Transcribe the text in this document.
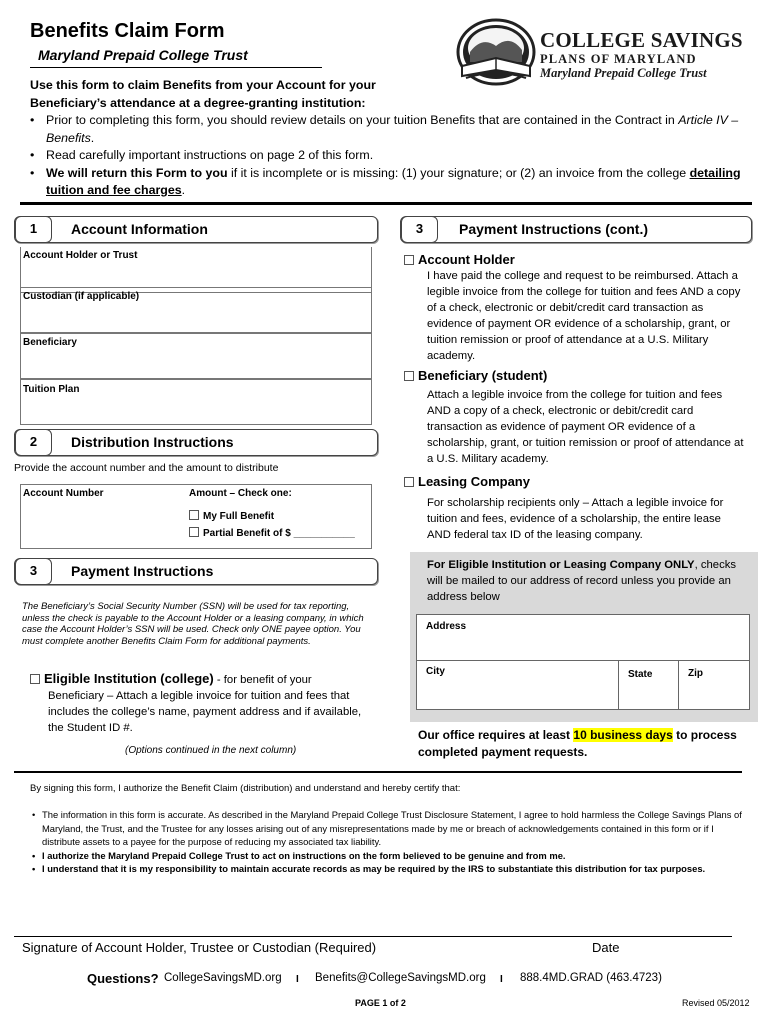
Benefits Claim Form
Maryland Prepaid College Trust
COLLEGE SAVINGS
PLANS OF MARYLAND
Maryland Prepaid College Trust
Use this form to claim Benefits from your Account for your Beneficiary’s attendance at a degree-granting institution:
• Prior to completing this form, you should review details on your tuition Benefits that are contained in the Contract in Article IV – Benefits.
• Read carefully important instructions on page 2 of this form.
• We will return this Form to you if it is incomplete or is missing: (1) your signature; or (2) an invoice from the college detailing tuition and fee charges.
1	Account Information
Account Holder or Trust
Custodian (if applicable)
Beneficiary
Tuition Plan
2	Distribution Instructions
Provide the account number and the amount to distribute
Account Number	Amount – Check one:
My Full Benefit
Partial Benefit of $ ___________
3	Payment Instructions
The Beneficiary’s Social Security Number (SSN) will be used for tax reporting, unless the check is payable to the Account Holder or a leasing company, in which case the Account Holder’s SSN will be used. Check only ONE payee option. You must complete another Benefits Claim Form for additional payments.
Eligible Institution (college) - for benefit of your
Beneficiary – Attach a legible invoice for tuition and fees that includes the college’s name, payment address and if available, the Student ID #.
(Options continued in the next column)
3	Payment Instructions (cont.)
Account Holder
I have paid the college and request to be reimbursed. Attach a legible invoice from the college for tuition and fees AND a copy of a check, electronic or debit/credit card transaction as evidence of payment OR evidence of a scholarship, grant, or tuition remission or proof of attendance at a U.S. Military academy.
Beneficiary (student)
Attach a legible invoice from the college for tuition and fees AND a copy of a check, electronic or debit/credit card transaction as evidence of payment OR evidence of a scholarship, grant, or tuition remission or proof of attendance at a U.S. Military academy.
Leasing Company
For scholarship recipients only – Attach a legible invoice for tuition and fees, evidence of a scholarship, the entire lease AND federal tax ID of the leasing company.
For Eligible Institution or Leasing Company ONLY, checks will be mailed to our address of record unless you provide an address below
Address
City	State	Zip
Our office requires at least 10 business days to process completed payment requests.
By signing this form, I authorize the Benefit Claim (distribution) and understand and hereby certify that:
• The information in this form is accurate. As described in the Maryland Prepaid College Trust Disclosure Statement, I agree to hold harmless the College Savings Plans of Maryland, the Trust, and the Trustee for any losses arising out of any misrepresentations made by me or breach of acknowledgements contained in this form or if I distribute assets to a payee for the purpose of reducing my associated tax liability.
• I authorize the Maryland Prepaid College Trust to act on instructions on the form believed to be genuine and from me.
• I understand that it is my responsibility to maintain accurate records as may be required by the IRS to substantiate this distribution for tax purposes.
Signature of Account Holder, Trustee or Custodian (Required)	Date
Questions? CollegeSavingsMD.org I Benefits@CollegeSavingsMD.org I 888.4MD.GRAD (463.4723)
PAGE 1 of 2	Revised 05/2012
